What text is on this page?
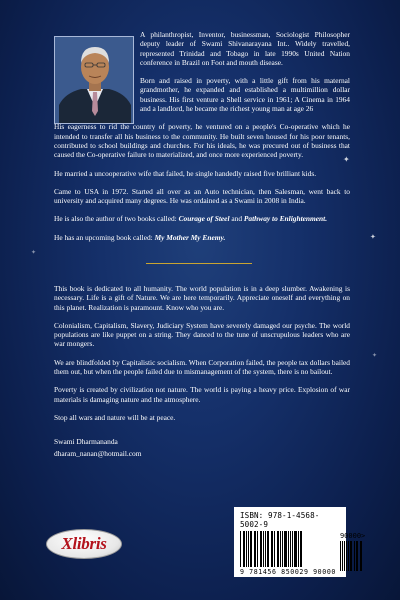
✦
✦
✦
✦

A philanthropist, Inventor, businessman, Sociologist Philosopher deputy leader of Swami Shivanarayana Int.. Widely travelled, represented Trinidad and Tobago in late 1990s United Nation conference in Brazil on Foot and mouth disease.

Born and raised in poverty, with a little gift from his maternal grandmother, he expanded and established a multimillion dollar business. His first venture a Shell service in 1961; A Cinema in 1964 and a landlord, he became the richest young man at age 26

His eagerness to rid the country of poverty, he ventured on a people's Co-operative which he intended to transfer all his business to the community. He built seven housed for his poor tenants, contributed to school buildings and churches. For his ideals, he was precured out of business that caused the Co-operative failure to materialized, and once more experienced poverty.

He married a uncooperative wife that failed, he single handedly raised five brilliant kids.

Came to USA in 1972. Started all over as an Auto technician, then Salesman, went back to university and acquired many degrees. He was ordained as a Swami in 2008 in India.

He is also the author of two books called: Courage of Steel and Pathway to Enlightenment.

He has an upcoming book called: My Mother My Enemy.

This book is dedicated to all humanity. The world population is in a deep slumber. Awakening is necessary. Life is a gift of Nature. We are here temporarily. Appreciate oneself and everything on this planet. Realization is paramount. Know who you are.

Colonialism, Capitalism, Slavery, Judiciary System have severely damaged our psyche. The world populations are like puppet on a string. They danced to the tune of unscrupulous leaders who are war mongers.

We are blindfolded by Capitalistic socialism. When Corporation failed, the people tax dollars bailed them out, but when the people failed due to mismanagement of the system, there is no bailout.

Poverty is created by civilization not nature. The world is paying a heavy price. Explosion of war materials is damaging nature and the atmosphere.

Stop all wars and nature will be at peace.

Swami Dharmananda
dharam_nanan@hotmail.com
Xlibris
ISBN: 978-1-4568-5002-9
9 781456 850029 90000
90000>
